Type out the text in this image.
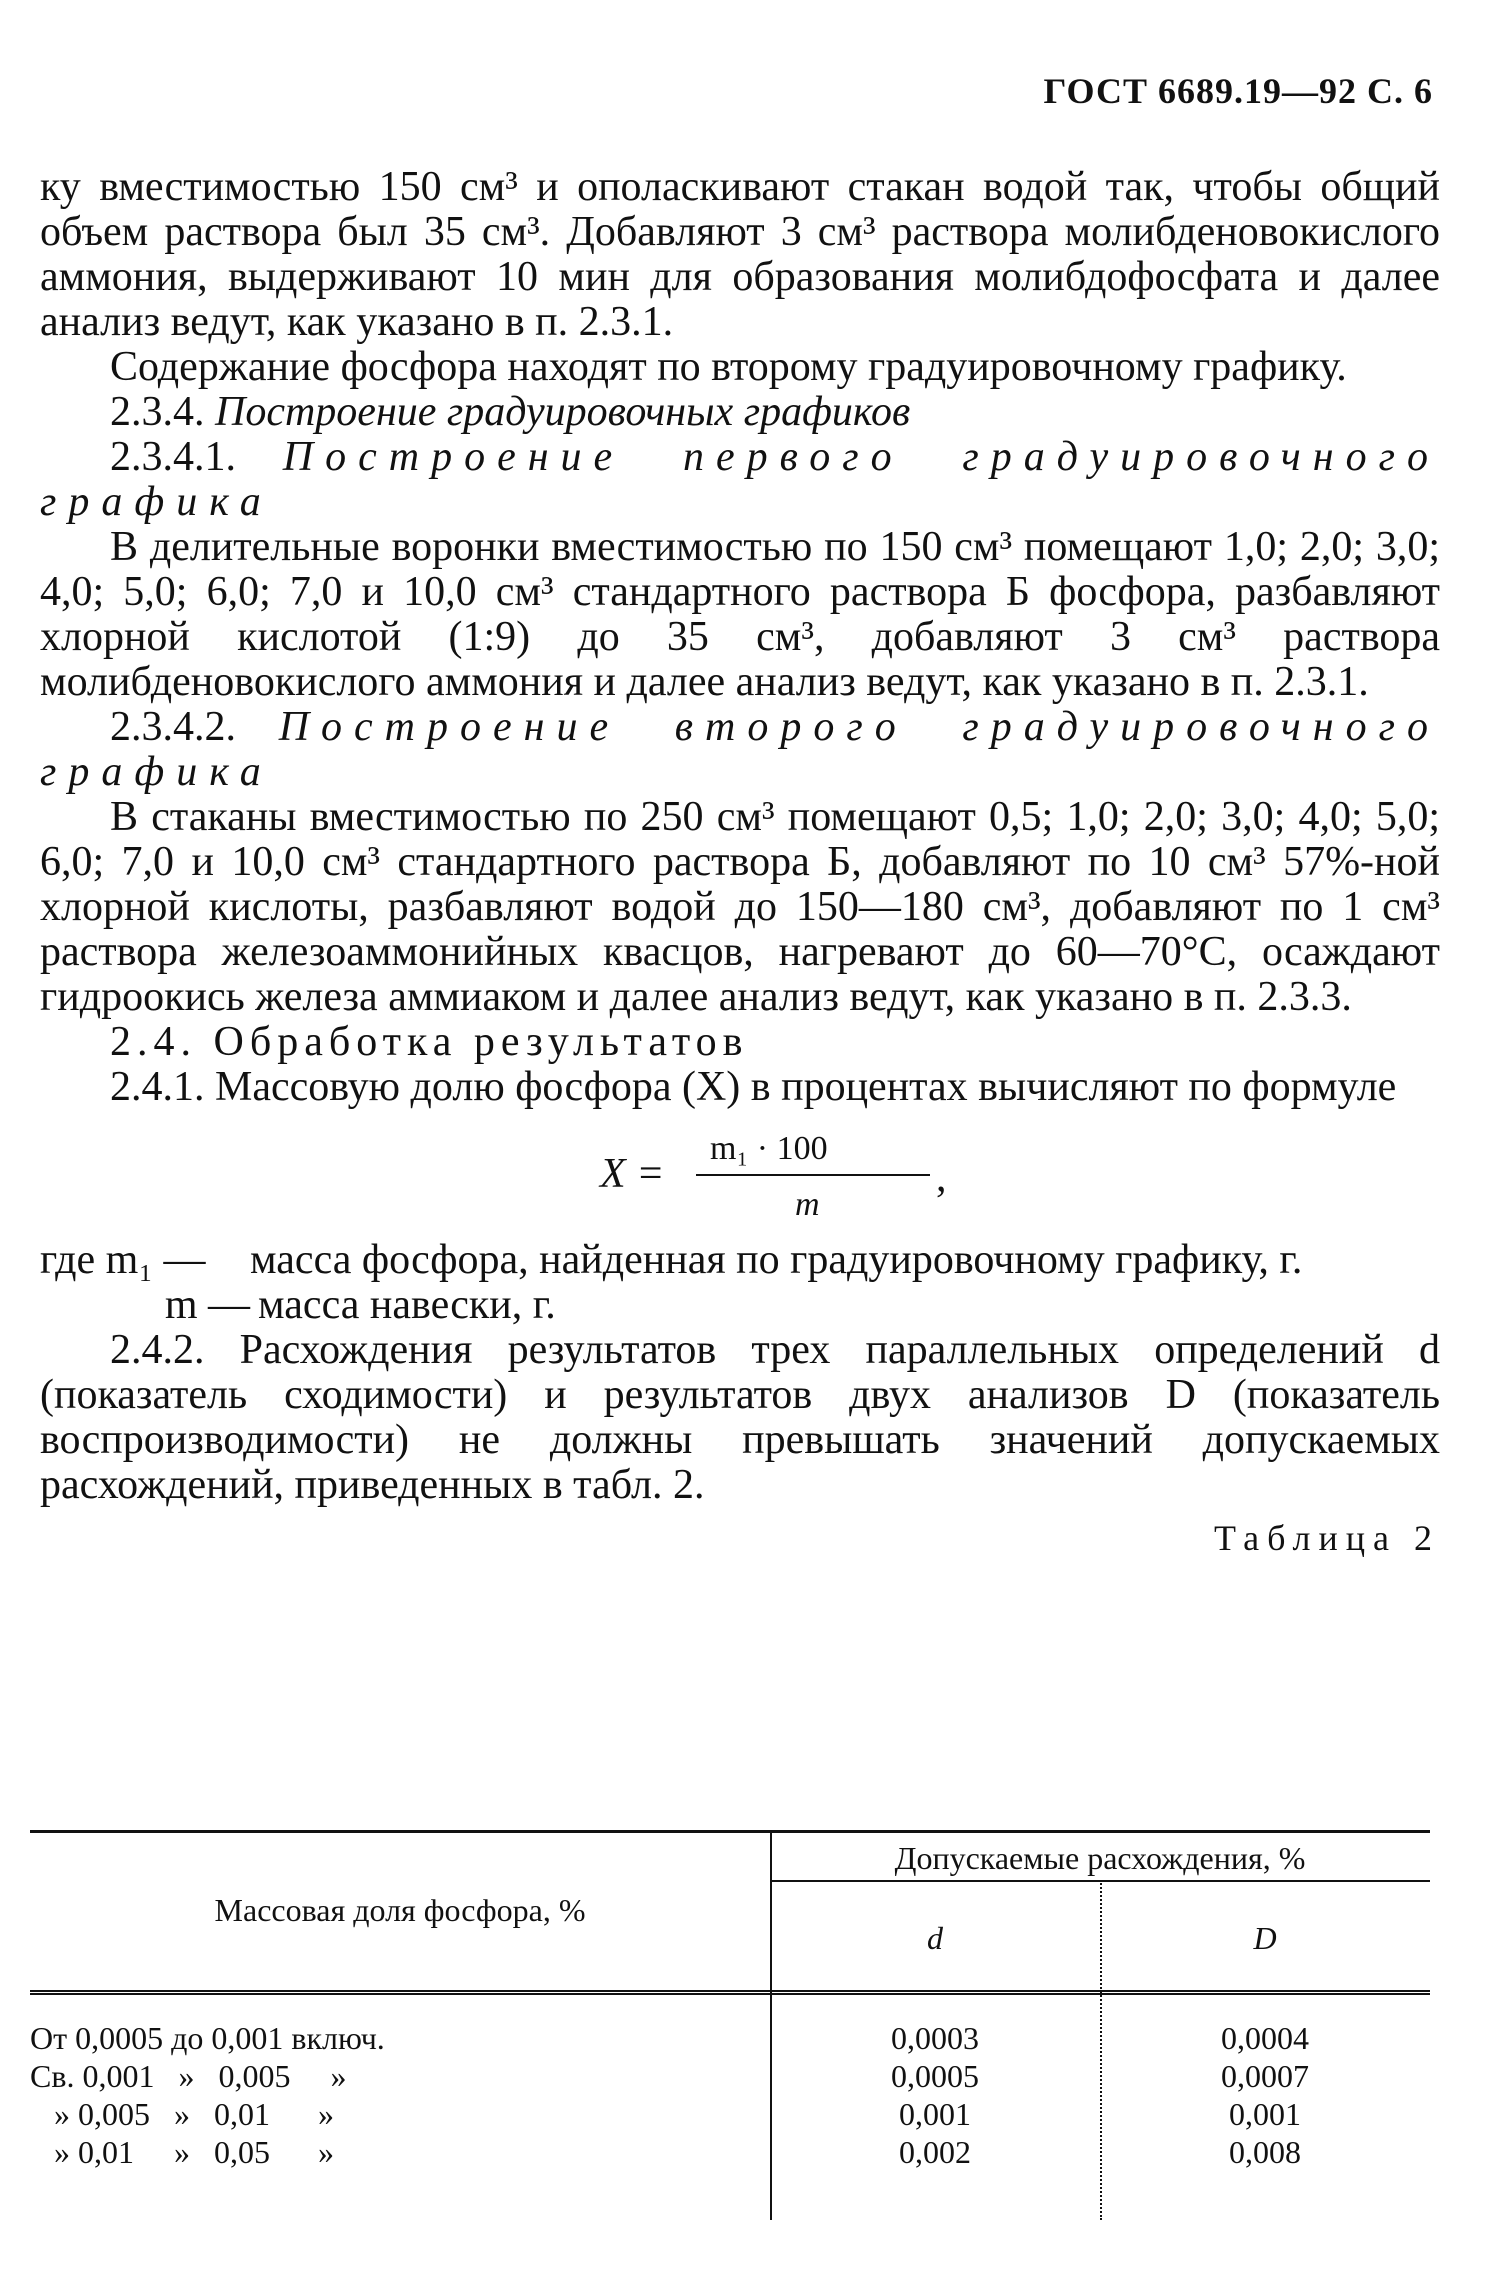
ГОСТ 6689.19—92 С. 6

ку вместимостью 150 см³ и ополаскивают стакан водой так, чтобы общий объем раствора был 35 см³. Добавляют 3 см³ раствора молибденовокислого аммония, выдерживают 10 мин для образования молибдофосфата и далее анализ ведут, как указано в п. 2.3.1.

Содержание фосфора находят по второму градуировочному графику.

2.3.4. Построение градуировочных графиков

2.3.4.1. Построение первого градуировочного графика

В делительные воронки вместимостью по 150 см³ помещают 1,0; 2,0; 3,0; 4,0; 5,0; 6,0; 7,0 и 10,0 см³ стандартного раствора Б фосфора, разбавляют хлорной кислотой (1:9) до 35 см³, добавляют 3 см³ раствора молибденовокислого аммония и далее анализ ведут, как указано в п. 2.3.1.

2.3.4.2. Построение второго градуировочного графика

В стаканы вместимостью по 250 см³ помещают 0,5; 1,0; 2,0; 3,0; 4,0; 5,0; 6,0; 7,0 и 10,0 см³ стандартного раствора Б, добавляют по 10 см³ 57%-ной хлорной кислоты, разбавляют водой до 150—180 см³, добавляют по 1 см³ раствора железоаммонийных квасцов, нагревают до 60—70°С, осаждают гидроокись железа аммиаком и далее анализ ведут, как указано в п. 2.3.3.

2.4. Обработка результатов

2.4.1. Массовую долю фосфора (X) в процентах вычисляют по формуле

X =
m₁ · 100
m
,
где m₁ —	масса фосфора, найденная по градуировочному графику, г.
m — масса навески, г.

2.4.2. Расхождения результатов трех параллельных определений d (показатель сходимости) и результатов двух анализов D (показатель воспроизводимости) не должны превышать значений допускаемых расхождений, приведенных в табл. 2.

Таблица 2
Массовая доля фосфора, %
Допускаемые расхождения, %
d	D
От 0,0005 до 0,001 включ.	0,0003	0,0004
Св. 0,001   »   0,005     »	0,0005	0,0007
» 0,005   »   0,01      »	0,001	0,001
» 0,01     »   0,05      »	0,002	0,008
